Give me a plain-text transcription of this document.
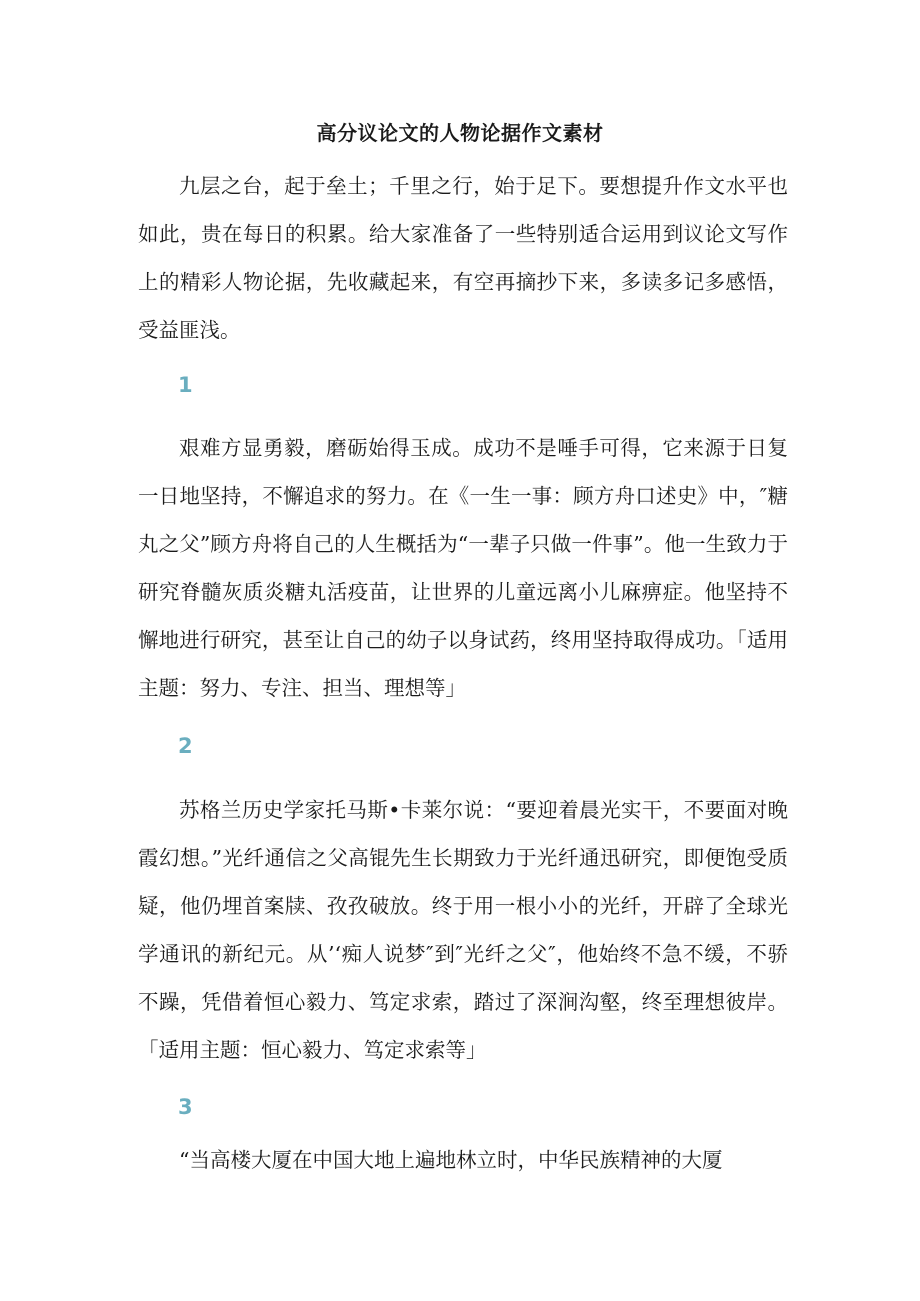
高分议论文的人物论据作文素材

九层之台，起于垒土；千里之行，始于足下。要想提升作文水平也如此，贵在每日的积累。给大家准备了一些特别适合运用到议论文写作上的精彩人物论据，先收藏起来，有空再摘抄下来，多读多记多感悟，受益匪浅。

1

艰难方显勇毅，磨砺始得玉成。成功不是唾手可得，它来源于日复一日地坚持，不懈追求的努力。在《一生一事：顾方舟口述史》中，″糖丸之父”顾方舟将自己的人生概括为“一辈子只做一件事”。他一生致力于研究脊髓灰质炎糖丸活疫苗，让世界的儿童远离小儿麻痹症。他坚持不懈地进行研究，甚至让自己的幼子以身试药，终用坚持取得成功。「适用主题：努力、专注、担当、理想等」

2

苏格兰历史学家托马斯•卡莱尔说：“要迎着晨光实干，不要面对晚霞幻想。”光纤通信之父高锟先生长期致力于光纤通迅研究，即便饱受质疑，他仍埋首案牍、孜孜破放。终于用一根小小的光纤，开辟了全球光学通讯的新纪元。从’‘痴人说梦″到″光纤之父″，他始终不急不缓，不骄不躁，凭借着恒心毅力、笃定求索，踏过了深涧沟壑，终至理想彼岸。「适用主题：恒心毅力、笃定求索等」

3

“当高楼大厦在中国大地上遍地林立时，中华民族精神的大厦
